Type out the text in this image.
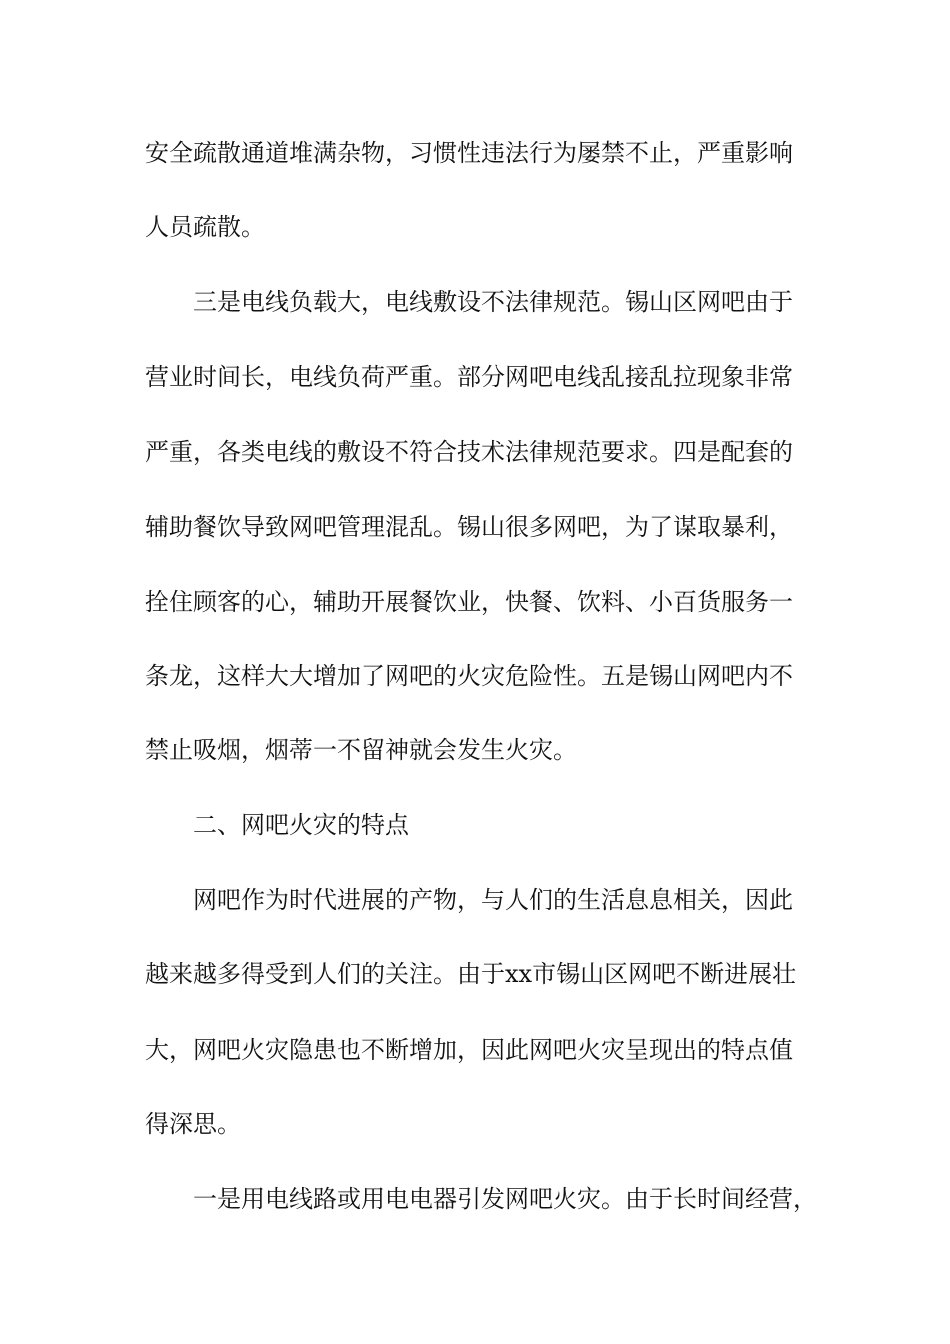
安全疏散通道堆满杂物，习惯性违法行为屡禁不止，严重影响
人员疏散。
三是电线负载大，电线敷设不法律规范。锡山区网吧由于
营业时间长，电线负荷严重。部分网吧电线乱接乱拉现象非常
严重，各类电线的敷设不符合技术法律规范要求。四是配套的
辅助餐饮导致网吧管理混乱。锡山很多网吧，为了谋取暴利，
拴住顾客的心，辅助开展餐饮业，快餐、饮料、小百货服务一
条龙，这样大大增加了网吧的火灾危险性。五是锡山网吧内不
禁止吸烟，烟蒂一不留神就会发生火灾。
二、网吧火灾的特点
网吧作为时代进展的产物，与人们的生活息息相关，因此
越来越多得受到人们的关注。由于xx市锡山区网吧不断进展壮
大，网吧火灾隐患也不断增加，因此网吧火灾呈现出的特点值
得深思。
一是用电线路或用电电器引发网吧火灾。由于长时间经营，
